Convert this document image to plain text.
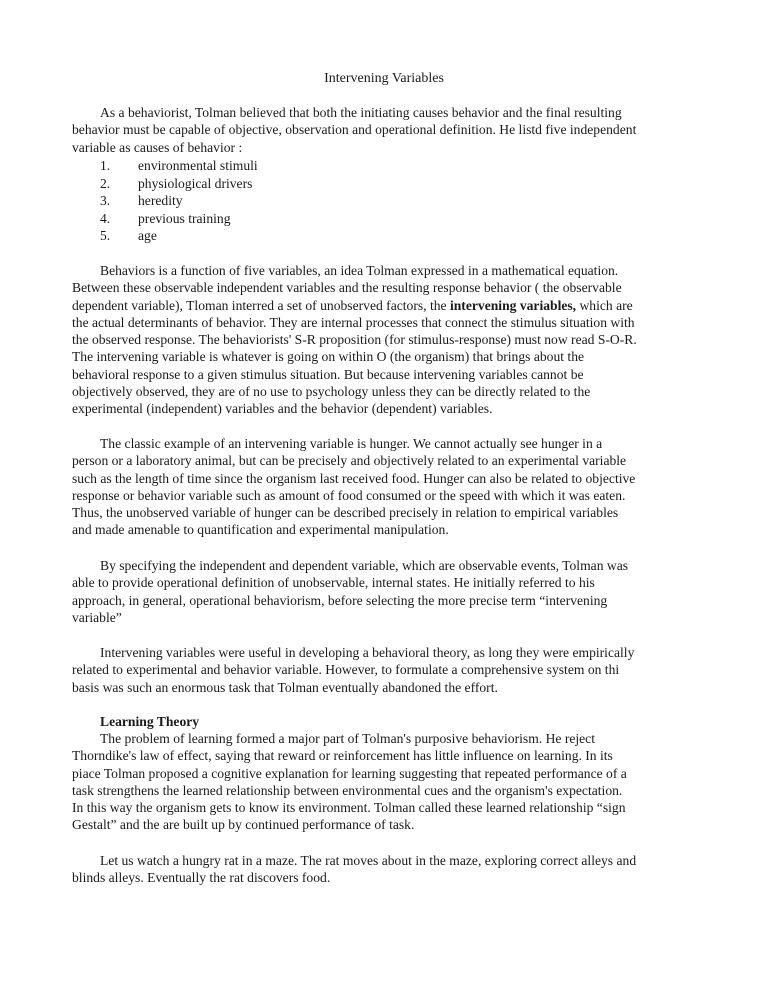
Intervening Variables
As a behaviorist, Tolman believed that both the initiating causes behavior and the final resulting
behavior must be capable of objective, observation and operational definition. He listd five independent
variable as causes of behavior :
1.	environmental stimuli
2.	physiological drivers
3.	heredity
4.	previous training
5.	age
Behaviors is a function of five variables, an idea Tolman expressed in a mathematical equation.
Between these observable independent variables and the resulting response behavior ( the observable
dependent variable), Tloman interred a set of unobserved factors, the intervening variables, which are
the actual determinants of behavior. They are internal processes that connect the stimulus situation with
the observed response. The behaviorists' S-R proposition (for stimulus-response) must now read S-O-R.
The intervening variable is whatever is going on within O (the organism) that brings about the
behavioral response to a given stimulus situation. But because intervening variables cannot be
objectively observed, they are of no use to psychology unless they can be directly related to the
experimental (independent) variables and the behavior (dependent) variables.
The classic example of an intervening variable is hunger. We cannot actually see hunger in a
person or a laboratory animal, but can be precisely and objectively related to an experimental variable
such as the length of time since the organism last received food. Hunger can also be related to objective
response or behavior variable such as amount of food consumed or the speed with which it was eaten.
Thus, the unobserved variable of hunger can be described precisely in relation to empirical variables
and made amenable to quantification and experimental manipulation.
By specifying the independent and dependent variable, which are observable events, Tolman was
able to provide operational definition of unobservable, internal states. He initially referred to his
approach, in general, operational behaviorism, before selecting the more precise term “intervening
variable”
Intervening variables were useful in developing a behavioral theory, as long they were empirically
related to experimental and behavior variable. However, to formulate a comprehensive system on thi
basis was such an enormous task that Tolman eventually abandoned the effort.
Learning Theory
The problem of learning formed a major part of Tolman's purposive behaviorism. He reject
Thorndike's law of effect, saying that reward or reinforcement has little influence on learning. In its
piace Tolman proposed a cognitive explanation for learning suggesting that repeated performance of a
task strengthens the learned relationship between environmental cues and the organism's expectation.
In this way the organism gets to know its environment. Tolman called these learned relationship “sign
Gestalt” and the are built up by continued performance of task.
Let us watch a hungry rat in a maze. The rat moves about in the maze, exploring correct alleys and
blinds alleys. Eventually the rat discovers food.
